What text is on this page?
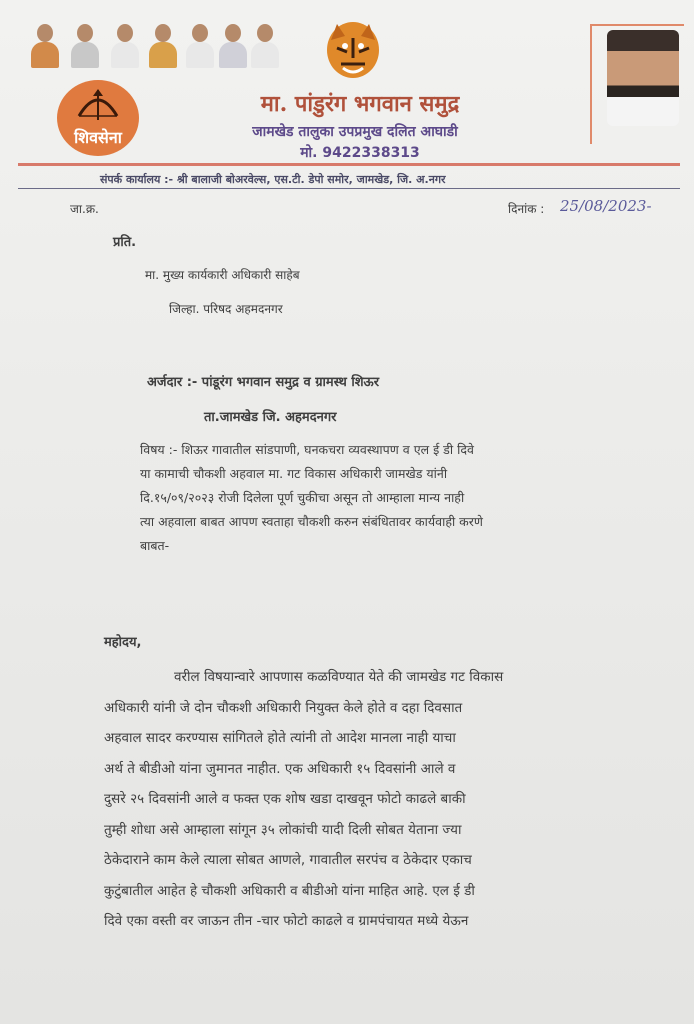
शिवसेना
मा. पांडुरंग भगवान समुद्र
जामखेड तालुका उपप्रमुख दलित आघाडी
मो. 9422338313
संपर्क कार्यालय :- श्री बालाजी बोअरवेल्स, एस.टी. डेपो समोर, जामखेड, जि. अ.नगर
जा.क्र.	दिनांक : 25/08/2023-
प्रति.
मा. मुख्य कार्यकारी अधिकारी साहेब
जिल्हा. परिषद अहमदनगर
अर्जदार :- पांडूरंग भगवान समुद्र व ग्रामस्थ शिऊर
ता.जामखेड जि. अहमदनगर
विषय :- शिऊर गावातील सांडपाणी, घनकचरा व्यवस्थापण व एल ई डी दिवे
या कामाची चौकशी अहवाल मा. गट विकास अधिकारी जामखेड यांनी
दि.१५/०९/२०२३ रोजी दिलेला पूर्ण चुकीचा असून तो आम्हाला मान्य नाही
त्या अहवाला बाबत आपण स्वताहा चौकशी करुन संबंधितावर कार्यवाही करणे
बाबत-
महोदय,
वरील विषयान्वारे आपणास कळविण्यात येते की जामखेड गट विकास
अधिकारी यांनी जे दोन चौकशी अधिकारी नियुक्त केले होते व दहा दिवसात
अहवाल सादर करण्यास सांगितले होते त्यांनी तो आदेश मानला नाही याचा
अर्थ ते बीडीओ यांना जुमानत नाहीत. एक अधिकारी १५ दिवसांनी आले व
दुसरे २५ दिवसांनी आले व फक्त एक शोष खडा दाखवून फोटो काढले बाकी
तुम्ही शोधा असे आम्हाला सांगून ३५ लोकांची यादी दिली सोबत येताना ज्या
ठेकेदाराने काम केले त्याला सोबत आणले, गावातील सरपंच व ठेकेदार एकाच
कुटुंबातील आहेत हे चौकशी अधिकारी व बीडीओ यांना माहित आहे. एल ई डी
दिवे एका वस्ती वर जाऊन तीन -चार फोटो काढले व ग्रामपंचायत मध्ये येऊन
